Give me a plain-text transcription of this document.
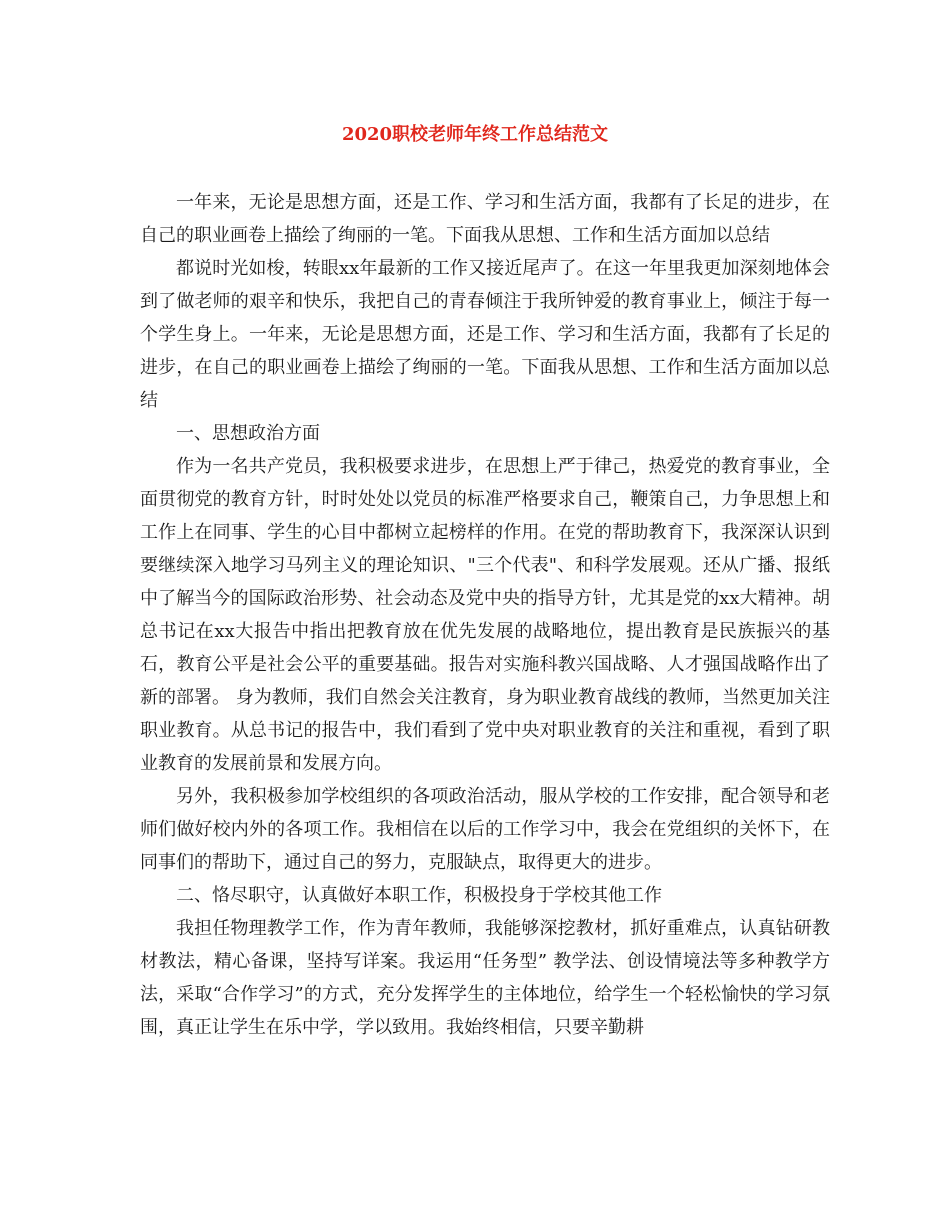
2020职校老师年终工作总结范文

一年来，无论是思想方面，还是工作、学习和生活方面，我都有了长足的进步，在自己的职业画卷上描绘了绚丽的一笔。下面我从思想、工作和生活方面加以总结

都说时光如梭，转眼xx年最新的工作又接近尾声了。在这一年里我更加深刻地体会到了做老师的艰辛和快乐，我把自己的青春倾注于我所钟爱的教育事业上，倾注于每一个学生身上。一年来，无论是思想方面，还是工作、学习和生活方面，我都有了长足的进步，在自己的职业画卷上描绘了绚丽的一笔。下面我从思想、工作和生活方面加以总结

一、思想政治方面

作为一名共产党员，我积极要求进步，在思想上严于律己，热爱党的教育事业，全面贯彻党的教育方针，时时处处以党员的标准严格要求自己，鞭策自己，力争思想上和工作上在同事、学生的心目中都树立起榜样的作用。在党的帮助教育下，我深深认识到要继续深入地学习马列主义的理论知识、"三个代表"、和科学发展观。还从广播、报纸中了解当今的国际政治形势、社会动态及党中央的指导方针，尤其是党的xx大精神。胡总书记在xx大报告中指出把教育放在优先发展的战略地位，提出教育是民族振兴的基石，教育公平是社会公平的重要基础。报告对实施科教兴国战略、人才强国战略作出了新的部署。 身为教师，我们自然会关注教育，身为职业教育战线的教师，当然更加关注职业教育。从总书记的报告中，我们看到了党中央对职业教育的关注和重视，看到了职业教育的发展前景和发展方向。

另外，我积极参加学校组织的各项政治活动，服从学校的工作安排，配合领导和老师们做好校内外的各项工作。我相信在以后的工作学习中，我会在党组织的关怀下，在同事们的帮助下，通过自己的努力，克服缺点，取得更大的进步。

二、恪尽职守，认真做好本职工作，积极投身于学校其他工作

我担任物理教学工作，作为青年教师，我能够深挖教材，抓好重难点，认真钻研教材教法，精心备课，坚持写详案。我运用“任务型” 教学法、创设情境法等多种教学方法，采取“合作学习”的方式，充分发挥学生的主体地位，给学生一个轻松愉快的学习氛围，真正让学生在乐中学，学以致用。我始终相信，只要辛勤耕
